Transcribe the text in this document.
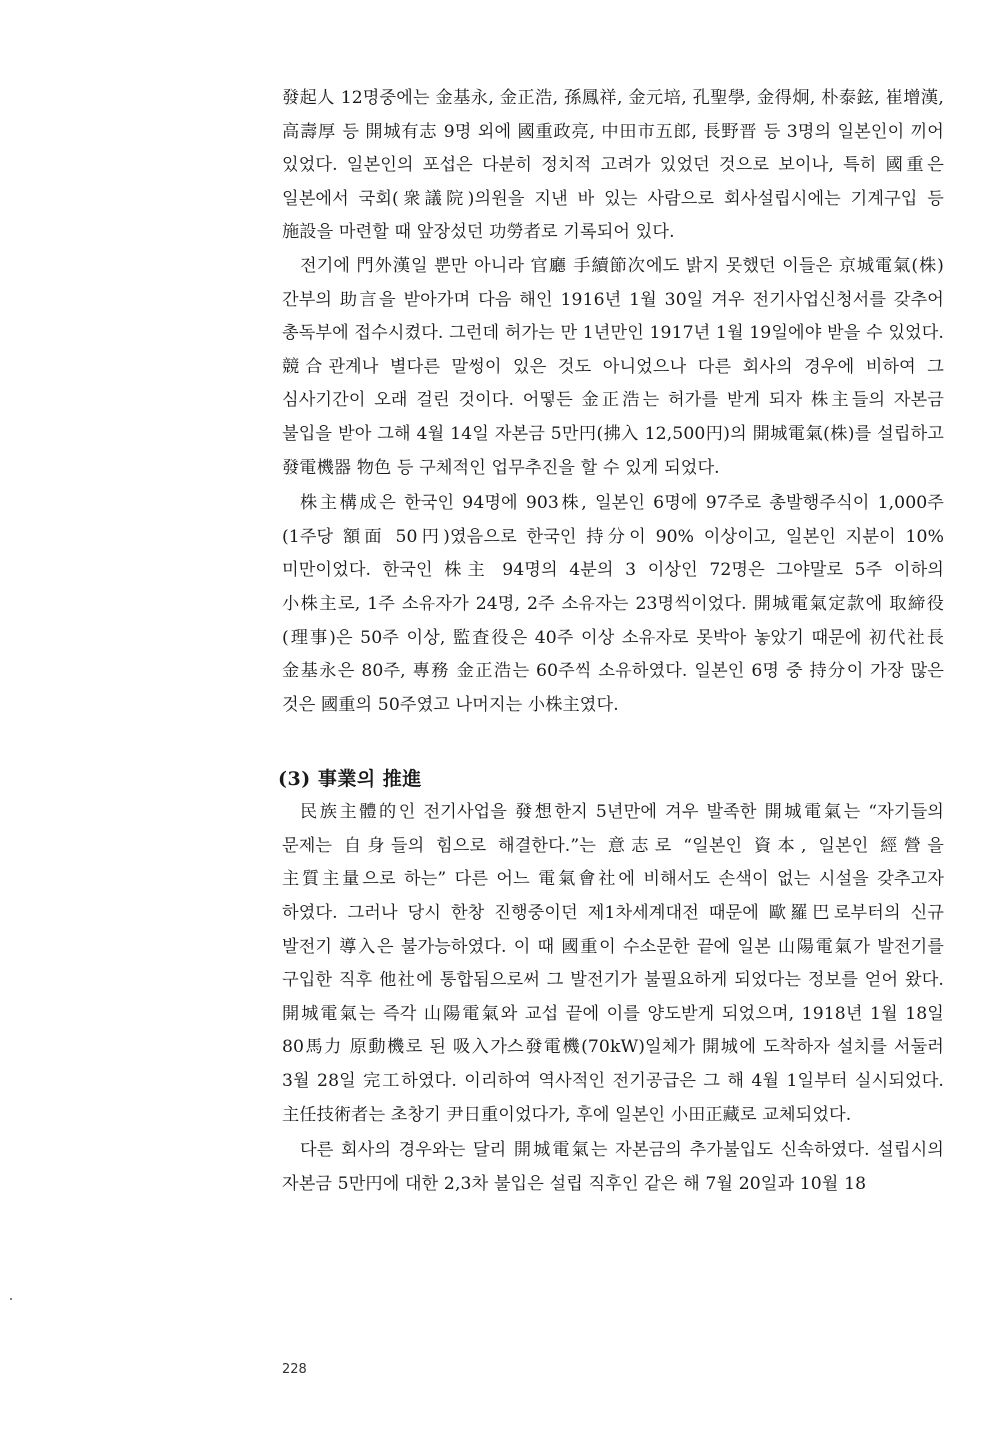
發起人 12명중에는 金基永, 金正浩, 孫鳳祥, 金元培, 孔聖學, 金得炯, 朴泰鉉, 崔增漢, 高壽厚 등 開城有志 9명 외에 國重政亮, 中田市五郎, 長野晋 등 3명의 일본인이 끼어 있었다. 일본인의 포섭은 다분히 정치적 고려가 있었던 것으로 보이나, 특히 國重은 일본에서 국회(衆議院)의원을 지낸 바 있는 사람으로 회사설립시에는 기계구입 등 施設을 마련할 때 앞장섰던 功勞者로 기록되어 있다.

전기에 門外漢일 뿐만 아니라 官廳 手續節次에도 밝지 못했던 이들은 京城電氣(株)간부의 助言을 받아가며 다음 해인 1916년 1월 30일 겨우 전기사업신청서를 갖추어 총독부에 접수시켰다. 그런데 허가는 만 1년만인 1917년 1월 19일에야 받을 수 있었다. 競合관계나 별다른 말썽이 있은 것도 아니었으나 다른 회사의 경우에 비하여 그 심사기간이 오래 걸린 것이다. 어떻든 金正浩는 허가를 받게 되자 株主들의 자본금 불입을 받아 그해 4월 14일 자본금 5만円(拂入 12,500円)의 開城電氣(株)를 설립하고 發電機器 物色 등 구체적인 업무추진을 할 수 있게 되었다.

株主構成은 한국인 94명에 903株, 일본인 6명에 97주로 총발행주식이 1,000주(1주당 額面 50円)였음으로 한국인 持分이 90% 이상이고, 일본인 지분이 10% 미만이었다. 한국인 株主 94명의 4분의 3 이상인 72명은 그야말로 5주 이하의 小株主로, 1주 소유자가 24명, 2주 소유자는 23명씩이었다. 開城電氣定款에 取締役(理事)은 50주 이상, 監査役은 40주 이상 소유자로 못박아 놓았기 때문에 初代社長 金基永은 80주, 專務 金正浩는 60주씩 소유하였다. 일본인 6명 중 持分이 가장 많은 것은 國重의 50주였고 나머지는 小株主였다.

(3) 事業의 推進

民族主體的인 전기사업을 發想한지 5년만에 겨우 발족한 開城電氣는 “자기들의 문제는 自身들의 힘으로 해결한다.”는 意志로 “일본인 資本, 일본인 經營을 主質主量으로 하는” 다른 어느 電氣會社에 비해서도 손색이 없는 시설을 갖추고자 하였다. 그러나 당시 한창 진행중이던 제1차세계대전 때문에 歐羅巴로부터의 신규 발전기 導入은 불가능하였다. 이 때 國重이 수소문한 끝에 일본 山陽電氣가 발전기를 구입한 직후 他社에 통합됨으로써 그 발전기가 불필요하게 되었다는 정보를 얻어 왔다. 開城電氣는 즉각 山陽電氣와 교섭 끝에 이를 양도받게 되었으며, 1918년 1월 18일 80馬力 原動機로 된 吸入가스發電機(70kW)일체가 開城에 도착하자 설치를 서둘러 3월 28일 完工하였다. 이리하여 역사적인 전기공급은 그 해 4월 1일부터 실시되었다. 主任技術者는 초창기 尹日重이었다가, 후에 일본인 小田正藏로 교체되었다.

다른 회사의 경우와는 달리 開城電氣는 자본금의 추가불입도 신속하였다. 설립시의 자본금 5만円에 대한 2,3차 불입은 설립 직후인 같은 해 7월 20일과 10월 18

228
